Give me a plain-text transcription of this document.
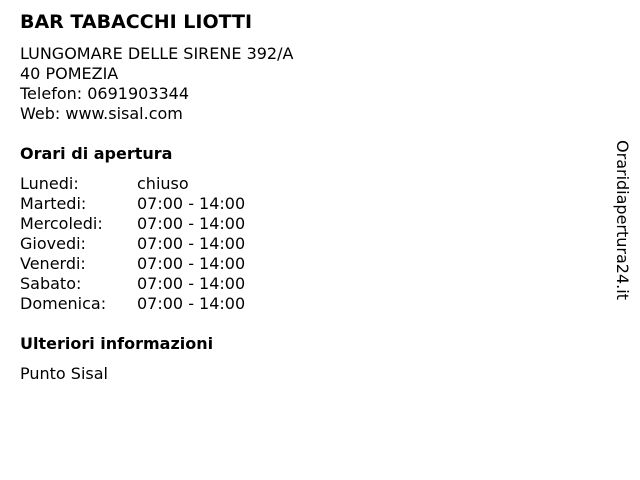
BAR TABACCHI LIOTTI
LUNGOMARE DELLE SIRENE 392/A
40 POMEZIA
Telefon: 0691903344
Web: www.sisal.com
Orari di apertura
Lunedi:	chiuso
Martedi:	07:00 - 14:00
Mercoledi:	07:00 - 14:00
Giovedi:	07:00 - 14:00
Venerdi:	07:00 - 14:00
Sabato:	07:00 - 14:00
Domenica:	07:00 - 14:00
Ulteriori informazioni
Punto Sisal
Oraridiapertura24.it
